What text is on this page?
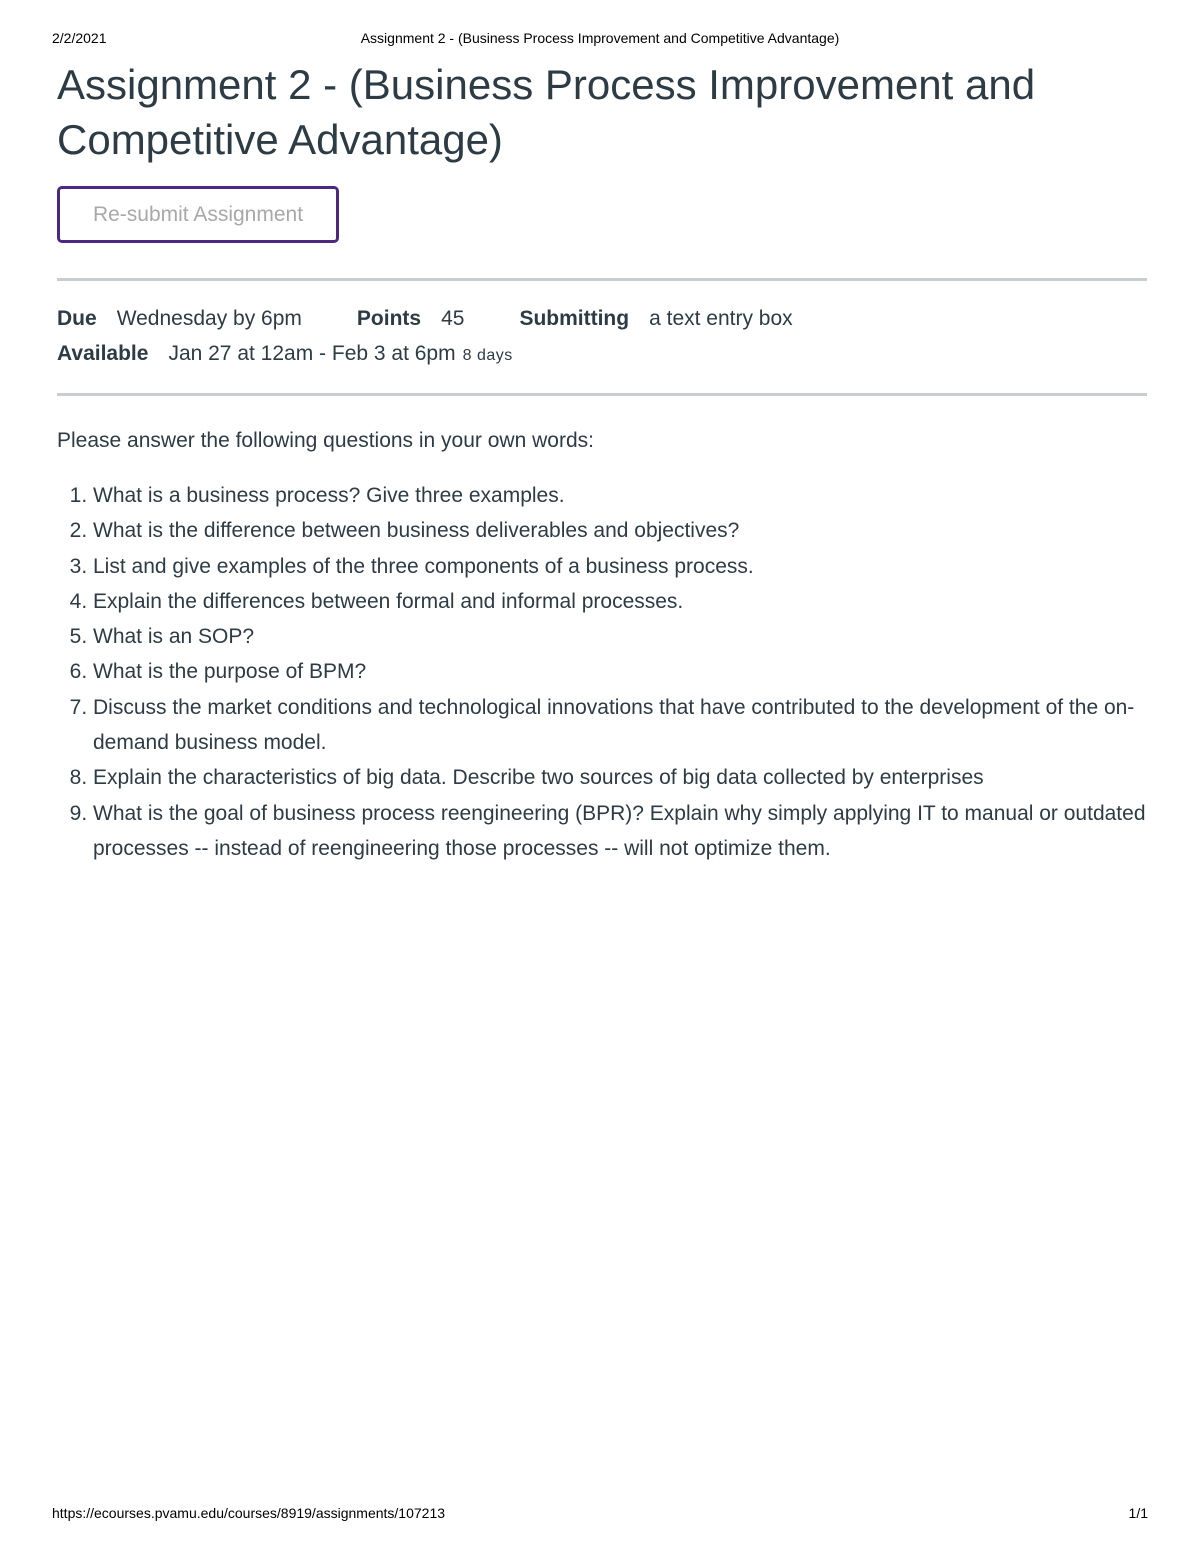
2/2/2021	Assignment 2 - (Business Process Improvement and Competitive Advantage)
Assignment 2 - (Business Process Improvement and Competitive Advantage)
Re-submit Assignment
Due Wednesday by 6pm	Points 45	Submitting a text entry box
Available Jan 27 at 12am - Feb 3 at 6pm 8 days

Please answer the following questions in your own words:

1. What is a business process? Give three examples.
2. What is the difference between business deliverables and objectives?
3. List and give examples of the three components of a business process.
4. Explain the differences between formal and informal processes.
5. What is an SOP?
6. What is the purpose of BPM?
7. Discuss the market conditions and technological innovations that have contributed to the development of the on-demand business model.
8. Explain the characteristics of big data. Describe two sources of big data collected by enterprises
9. What is the goal of business process reengineering (BPR)? Explain why simply applying IT to manual or outdated processes -- instead of reengineering those processes -- will not optimize them.
https://ecourses.pvamu.edu/courses/8919/assignments/107213	1/1
